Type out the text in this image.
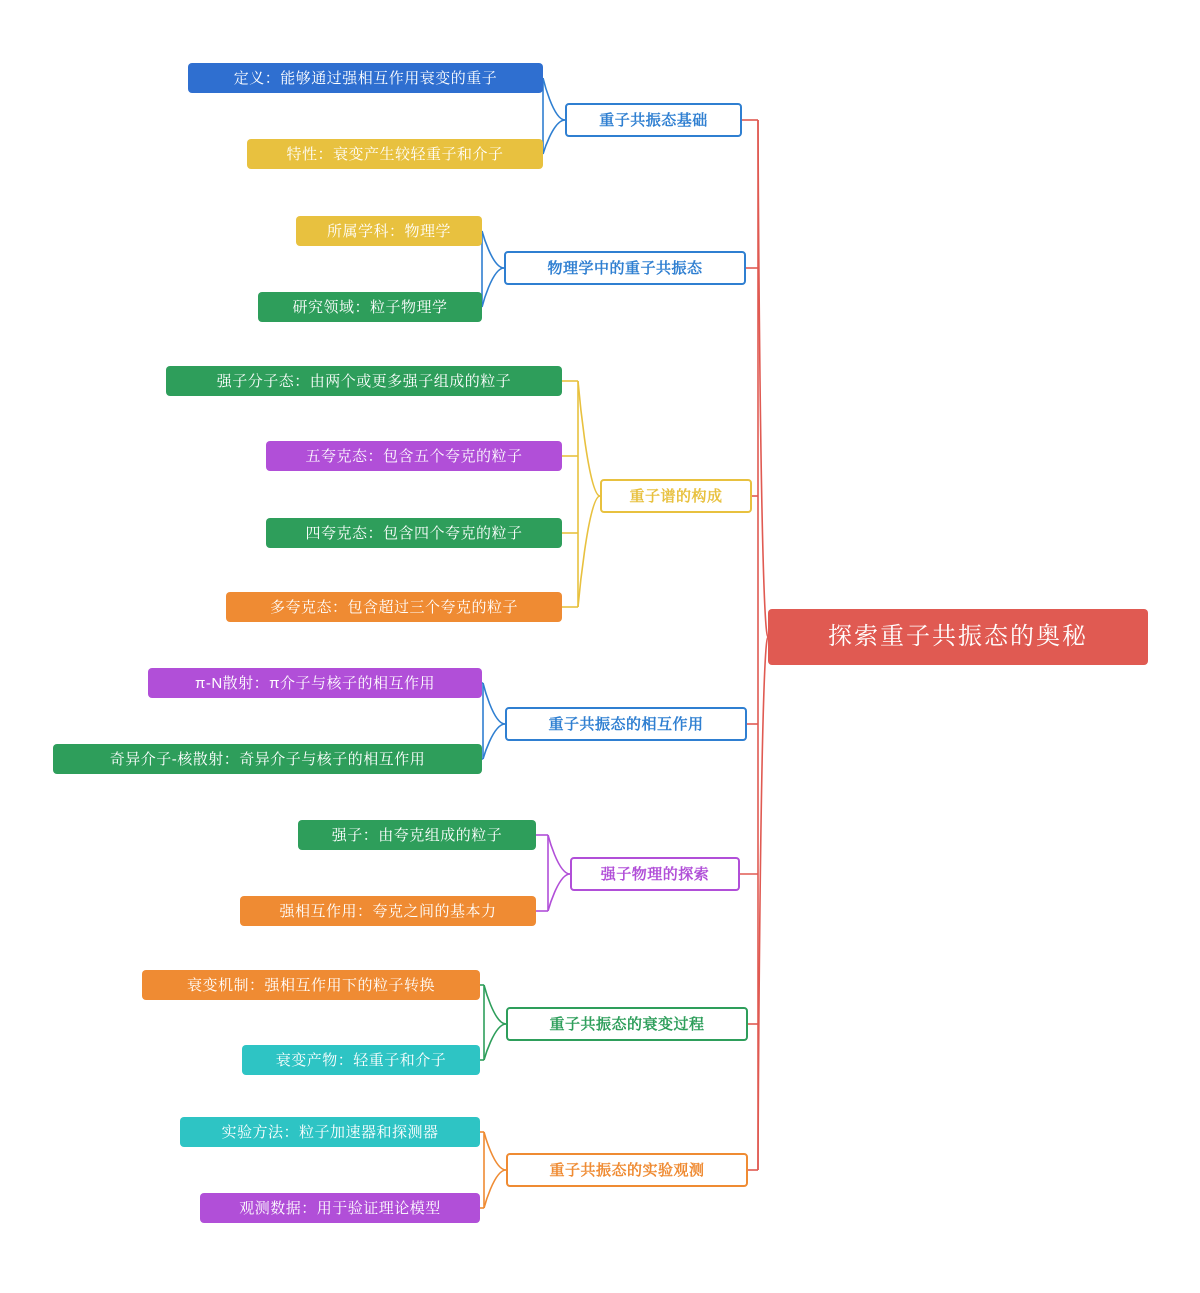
探索重子共振态的奥秘
重子共振态基础
定义：能够通过强相互作用衰变的重子
特性：衰变产生较轻重子和介子
物理学中的重子共振态
所属学科：物理学
研究领域：粒子物理学
重子谱的构成
强子分子态：由两个或更多强子组成的粒子
五夸克态：包含五个夸克的粒子
四夸克态：包含四个夸克的粒子
多夸克态：包含超过三个夸克的粒子
重子共振态的相互作用
π-N散射：π介子与核子的相互作用
奇异介子-核散射：奇异介子与核子的相互作用
强子物理的探索
强子：由夸克组成的粒子
强相互作用：夸克之间的基本力
重子共振态的衰变过程
衰变机制：强相互作用下的粒子转换
衰变产物：轻重子和介子
重子共振态的实验观测
实验方法：粒子加速器和探测器
观测数据：用于验证理论模型
